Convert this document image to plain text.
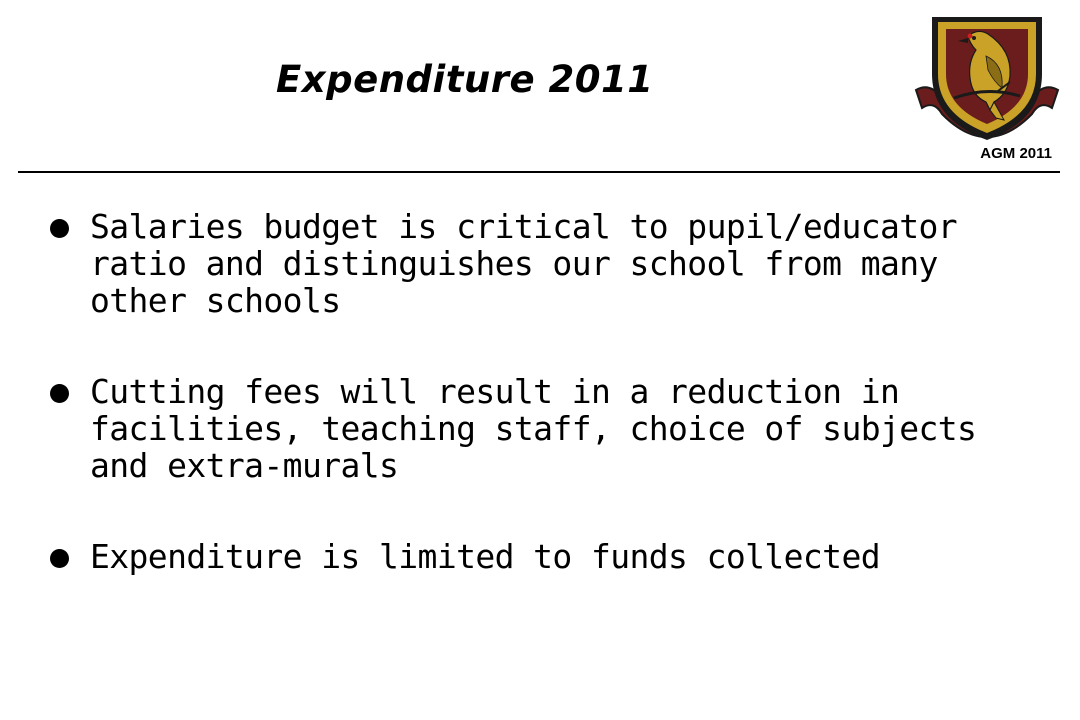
Expenditure 2011
AGM 2011
Salaries budget is critical to pupil/educator ratio and distinguishes our school from many other schools
Cutting fees will result in a reduction in facilities, teaching staff, choice of subjects and extra-murals
Expenditure is limited to funds collected
